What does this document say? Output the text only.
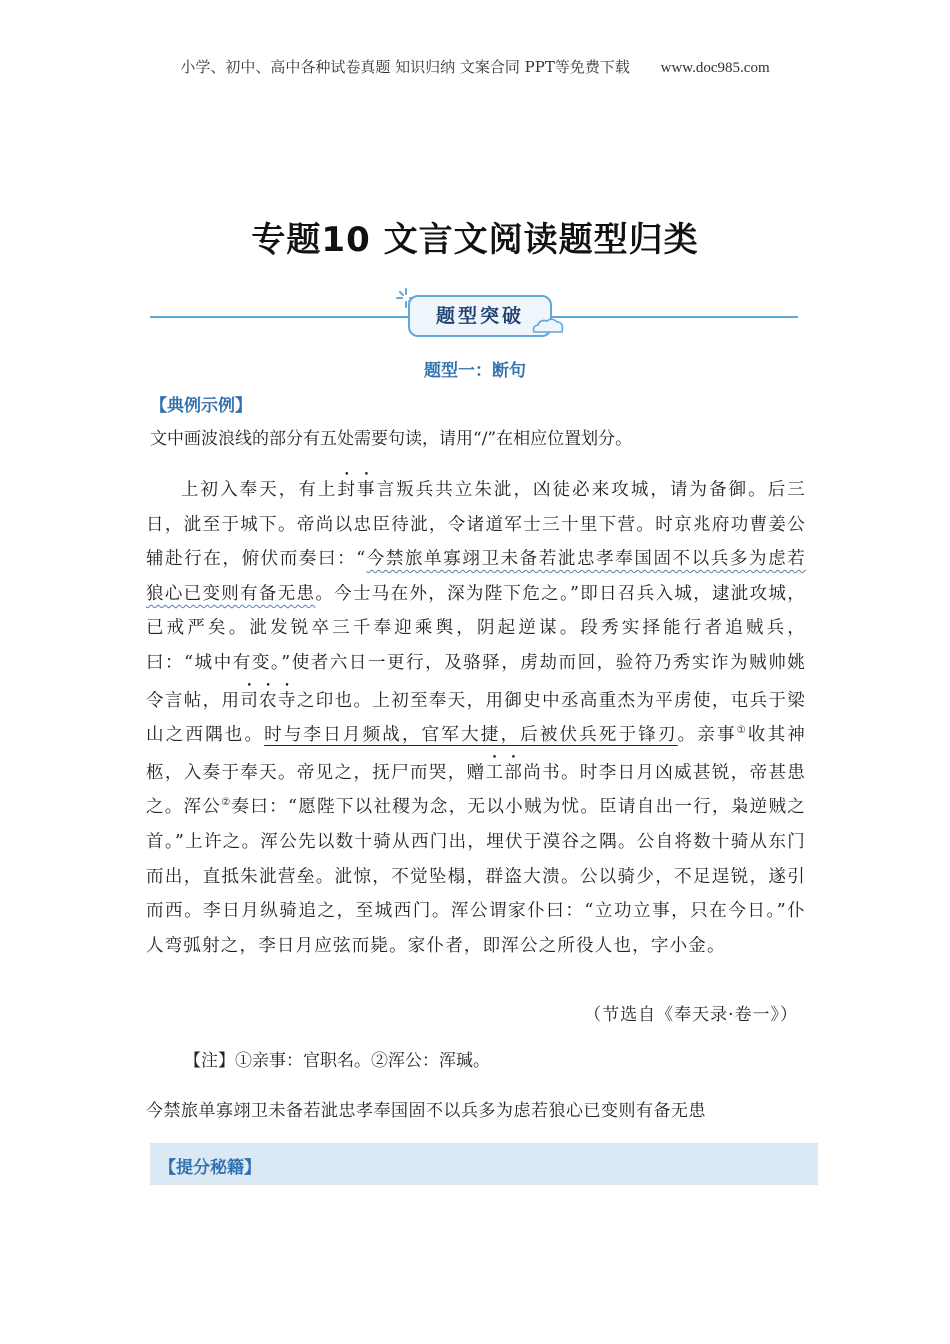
小学、初中、高中各种试卷真题 知识归纳 文案合同 PPT等免费下载 www.doc985.com
专题10 文言文阅读题型归类
题型突破
题型一：断句
【典例示例】
文中画波浪线的部分有五处需要句读，请用“/”在相应位置划分。

上初入奉天，有上封事言叛兵共立朱泚，凶徒必来攻城，请为备御。后三日，泚至于城下。帝尚以忠臣待泚，令诸道军士三十里下营。时京兆府功曹姜公辅赴行在，俯伏而奏曰：“今禁旅单寡翊卫未备若泚忠孝奉国固不以兵多为虑若狼心已变则有备无患。今士马在外，深为陛下危之。”即日召兵入城，逮泚攻城，已戒严矣。泚发锐卒三千奉迎乘舆，阴起逆谋。段秀实择能行者追贼兵，曰：“城中有变。”使者六日一更行，及骆驿，虏劫而回，验符乃秀实诈为贼帅姚令言帖，用司农寺之印也。上初至奉天，用御史中丞高重杰为平虏使，屯兵于梁山之西隅也。时与李日月频战，官军大捷，后被伏兵死于锋刃。亲事①收其神柩，入奏于奉天。帝见之，抚尸而哭，赠工部尚书。时李日月凶威甚锐，帝甚患之。浑公②奏曰：“愿陛下以社稷为念，无以小贼为忧。臣请自出一行，枭逆贼之首。”上许之。浑公先以数十骑从西门出，埋伏于漠谷之隅。公自将数十骑从东门而出，直抵朱泚营垒。泚惊，不觉坠榻，群盗大溃。公以骑少，不足逞锐，遂引而西。李日月纵骑追之，至城西门。浑公谓家仆曰：“立功立事，只在今日。”仆人弯弧射之，李日月应弦而毙。家仆者，即浑公之所役人也，字小金。

（节选自《奉天录·卷一》）
【注】①亲事：官职名。②浑公：浑瑊。
今禁旅单寡翊卫未备若泚忠孝奉国固不以兵多为虑若狼心已变则有备无患
【提分秘籍】
